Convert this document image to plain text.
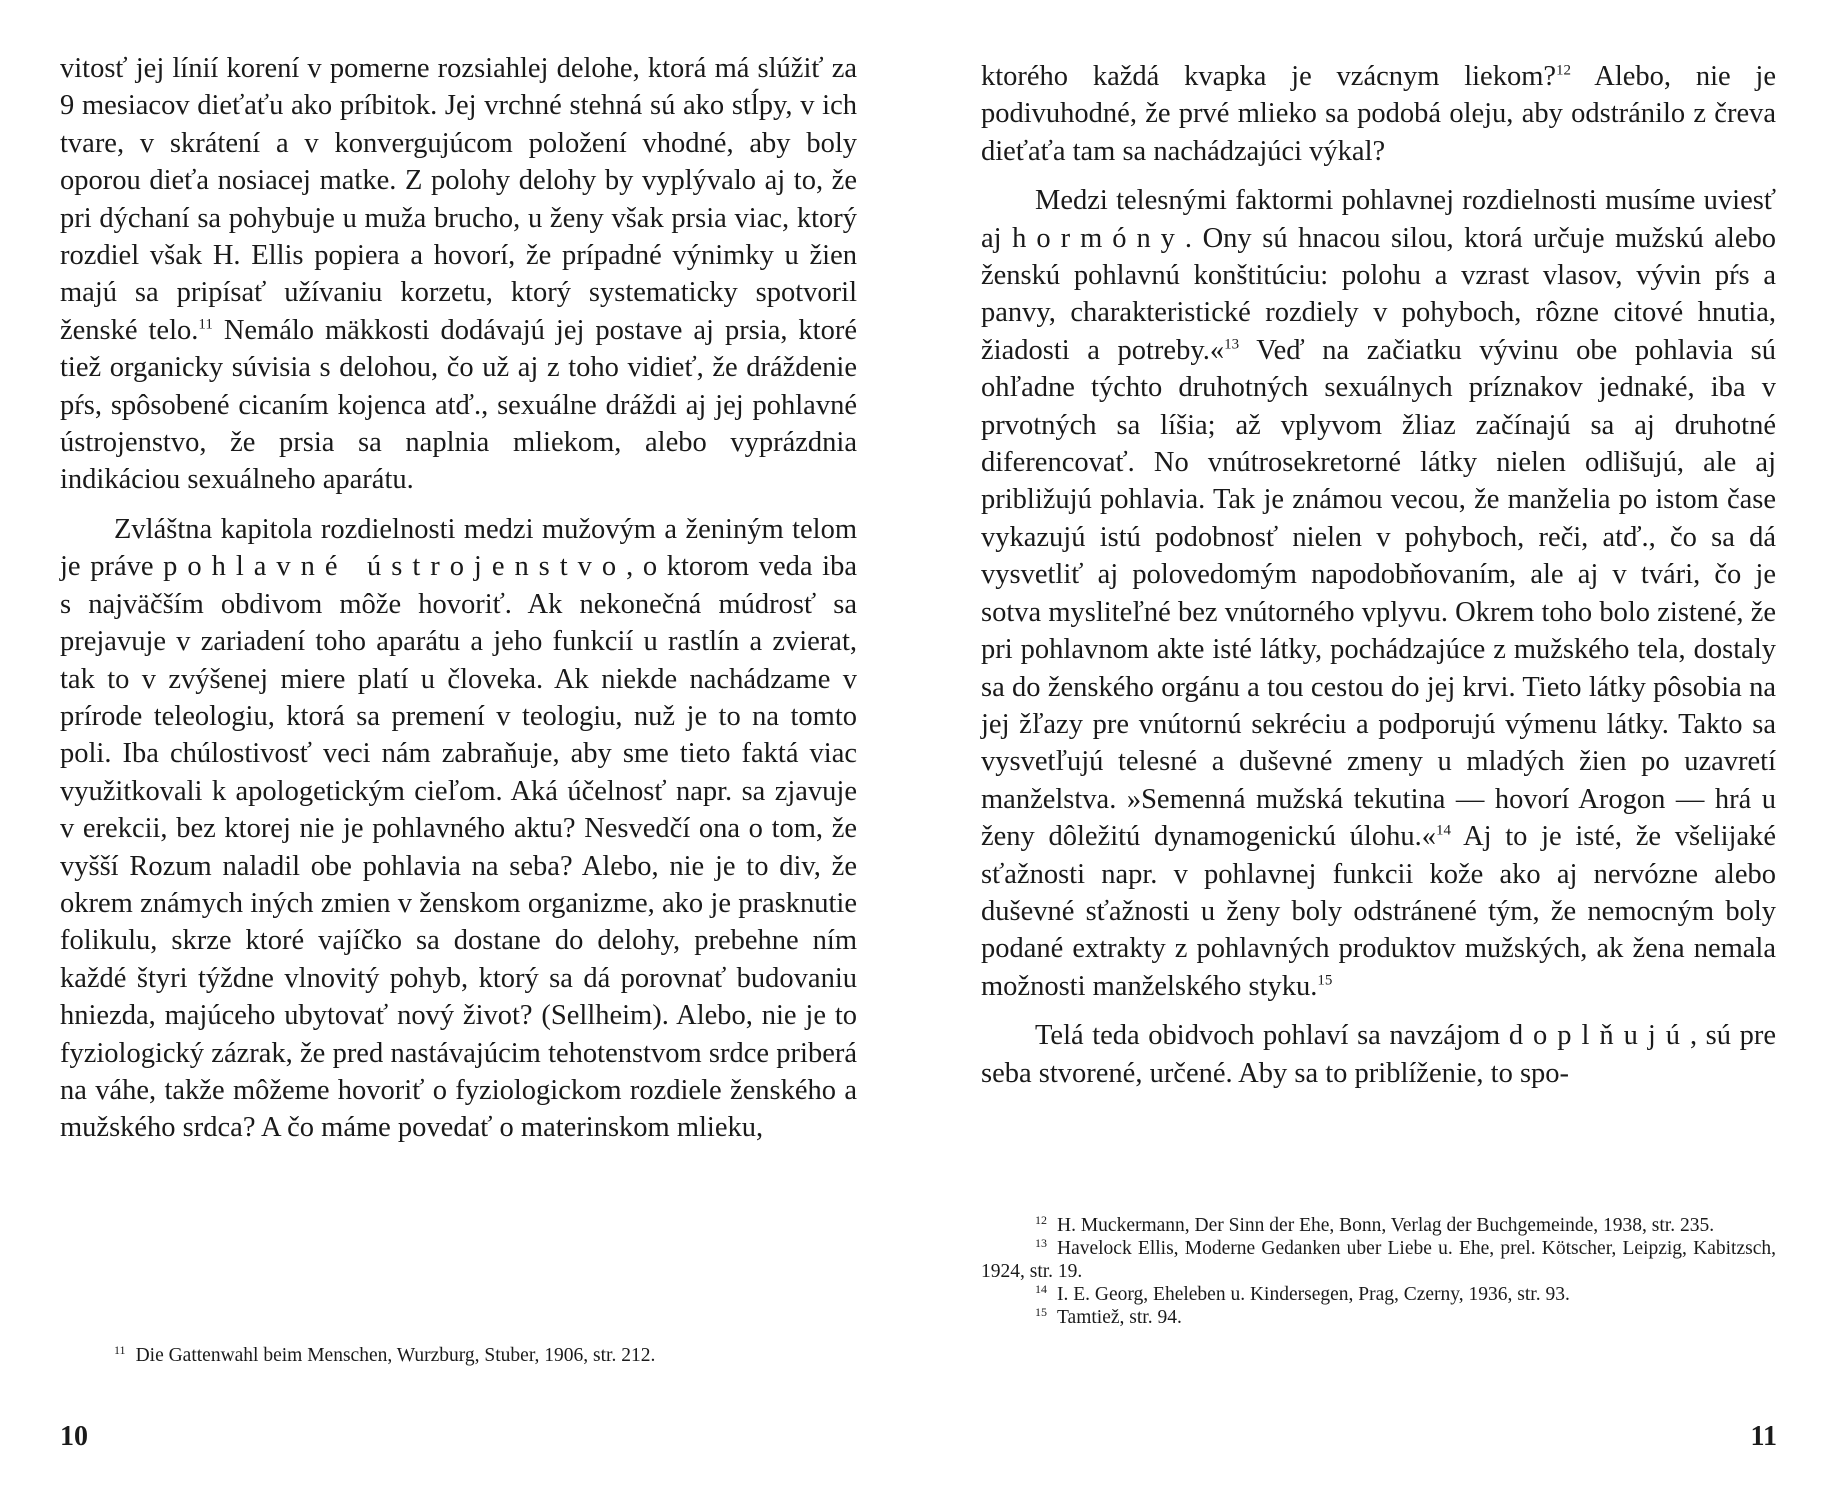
vitosť jej línií korení v pomerne rozsiahlej delohe, ktorá má slúžiť za 9 mesiacov dieťaťu ako príbitok. Jej vrchné stehná sú ako stĺpy, v ich tvare, v skrátení a v konvergujúcom položení vhodné, aby boly oporou dieťa nosiacej matke. Z polohy delohy by vyplývalo aj to, že pri dýchaní sa pohybuje u muža brucho, u ženy však prsia viac, ktorý rozdiel však H. Ellis popiera a hovorí, že prípadné výnimky u žien majú sa pripísať užívaniu korzetu, ktorý systematicky spotvoril ženské telo.$^{11}$ Nemálo mäkkosti dodávajú jej postave aj prsia, ktoré tiež organicky súvisia s delohou, čo už aj z toho vidieť, že dráždenie pŕs, spôsobené cicaním kojenca atď., sexuálne dráždi aj jej pohlavné ústrojenstvo, že prsia sa naplnia mliekom, alebo vyprázdnia indikáciou sexuálneho aparátu.

Zvláštna kapitola rozdielnosti medzi mužovým a ženiným telom je práve pohlavné ústrojenstvo, o ktorom veda iba s najväčším obdivom môže hovoriť. Ak nekonečná múdrosť sa prejavuje v zariadení toho aparátu a jeho funkcií u rastlín a zvierat, tak to v zvýšenej miere platí u človeka. Ak niekde nachádzame v prírode teleologiu, ktorá sa premení v teologiu, nuž je to na tomto poli. Iba chúlostivosť veci nám zabraňuje, aby sme tieto faktá viac využitkovali k apologetickým cieľom. Aká účelnosť napr. sa zjavuje v erekcii, bez ktorej nie je pohlavného aktu? Nesvedčí ona o tom, že vyšší Rozum naladil obe pohlavia na seba? Alebo, nie je to div, že okrem známych iných zmien v ženskom organizme, ako je prasknutie folikulu, skrze ktoré vajíčko sa dostane do delohy, prebehne ním každé štyri týždne vlnovitý pohyb, ktorý sa dá porovnať budovaniu hniezda, majúceho ubytovať nový život? (Sellheim). Alebo, nie je to fyziologický zázrak, že pred nastávajúcim tehotenstvom srdce priberá na váhe, takže môžeme hovoriť o fyziologickom rozdiele ženského a mužského srdca? A čo máme povedať o materinskom mlieku,

$^{11}$ Die Gattenwahl beim Menschen, Wurzburg, Stuber, 1906, str. 212.

10

ktorého každá kvapka je vzácnym liekom?$^{12}$ Alebo, nie je podivuhodné, že prvé mlieko sa podobá oleju, aby odstránilo z čreva dieťaťa tam sa nachádzajúci výkal?

Medzi telesnými faktormi pohlavnej rozdielnosti musíme uviesť aj hormóny. Ony sú hnacou silou, ktorá určuje mužskú alebo ženskú pohlavnú konštitúciu: polohu a vzrast vlasov, vývin pŕs a panvy, charakteristické rozdiely v pohyboch, rôzne citové hnutia, žiadosti a potreby.«$^{13}$ Veď na začiatku vývinu obe pohlavia sú ohľadne týchto druhotných sexuálnych príznakov jednaké, iba v prvotných sa líšia; až vplyvom žliaz začínajú sa aj druhotné diferencovať. No vnútrosekretorné látky nielen odlišujú, ale aj približujú pohlavia. Tak je známou vecou, že manželia po istom čase vykazujú istú podobnosť nielen v pohyboch, reči, atď., čo sa dá vysvetliť aj polovedomým napodobňovaním, ale aj v tvári, čo je sotva mysliteľné bez vnútorného vplyvu. Okrem toho bolo zistené, že pri pohlavnom akte isté látky, pochádzajúce z mužského tela, dostaly sa do ženského orgánu a tou cestou do jej krvi. Tieto látky pôsobia na jej žľazy pre vnútornú sekréciu a podporujú výmenu látky. Takto sa vysvetľujú telesné a duševné zmeny u mladých žien po uzavretí manželstva. »Semenná mužská tekutina — hovorí Arogon — hrá u ženy dôležitú dynamogenickú úlohu.«$^{14}$ Aj to je isté, že všelijaké sťažnosti napr. v pohlavnej funkcii kože ako aj nervózne alebo duševné sťažnosti u ženy boly odstránené tým, že nemocným boly podané extrakty z pohlavných produktov mužských, ak žena nemala možnosti manželského styku.$^{15}$

Telá teda obidvoch pohlaví sa navzájom doplňujú, sú pre seba stvorené, určené. Aby sa to priblíženie, to spo-

$^{12}$ H. Muckermann, Der Sinn der Ehe, Bonn, Verlag der Buchgemeinde, 1938, str. 235.

$^{13}$ Havelock Ellis, Moderne Gedanken uber Liebe u. Ehe, prel. Kötscher, Leipzig, Kabitzsch, 1924, str. 19.

$^{14}$ I. E. Georg, Eheleben u. Kindersegen, Prag, Czerny, 1936, str. 93.

$^{15}$ Tamtiež, str. 94.

11
